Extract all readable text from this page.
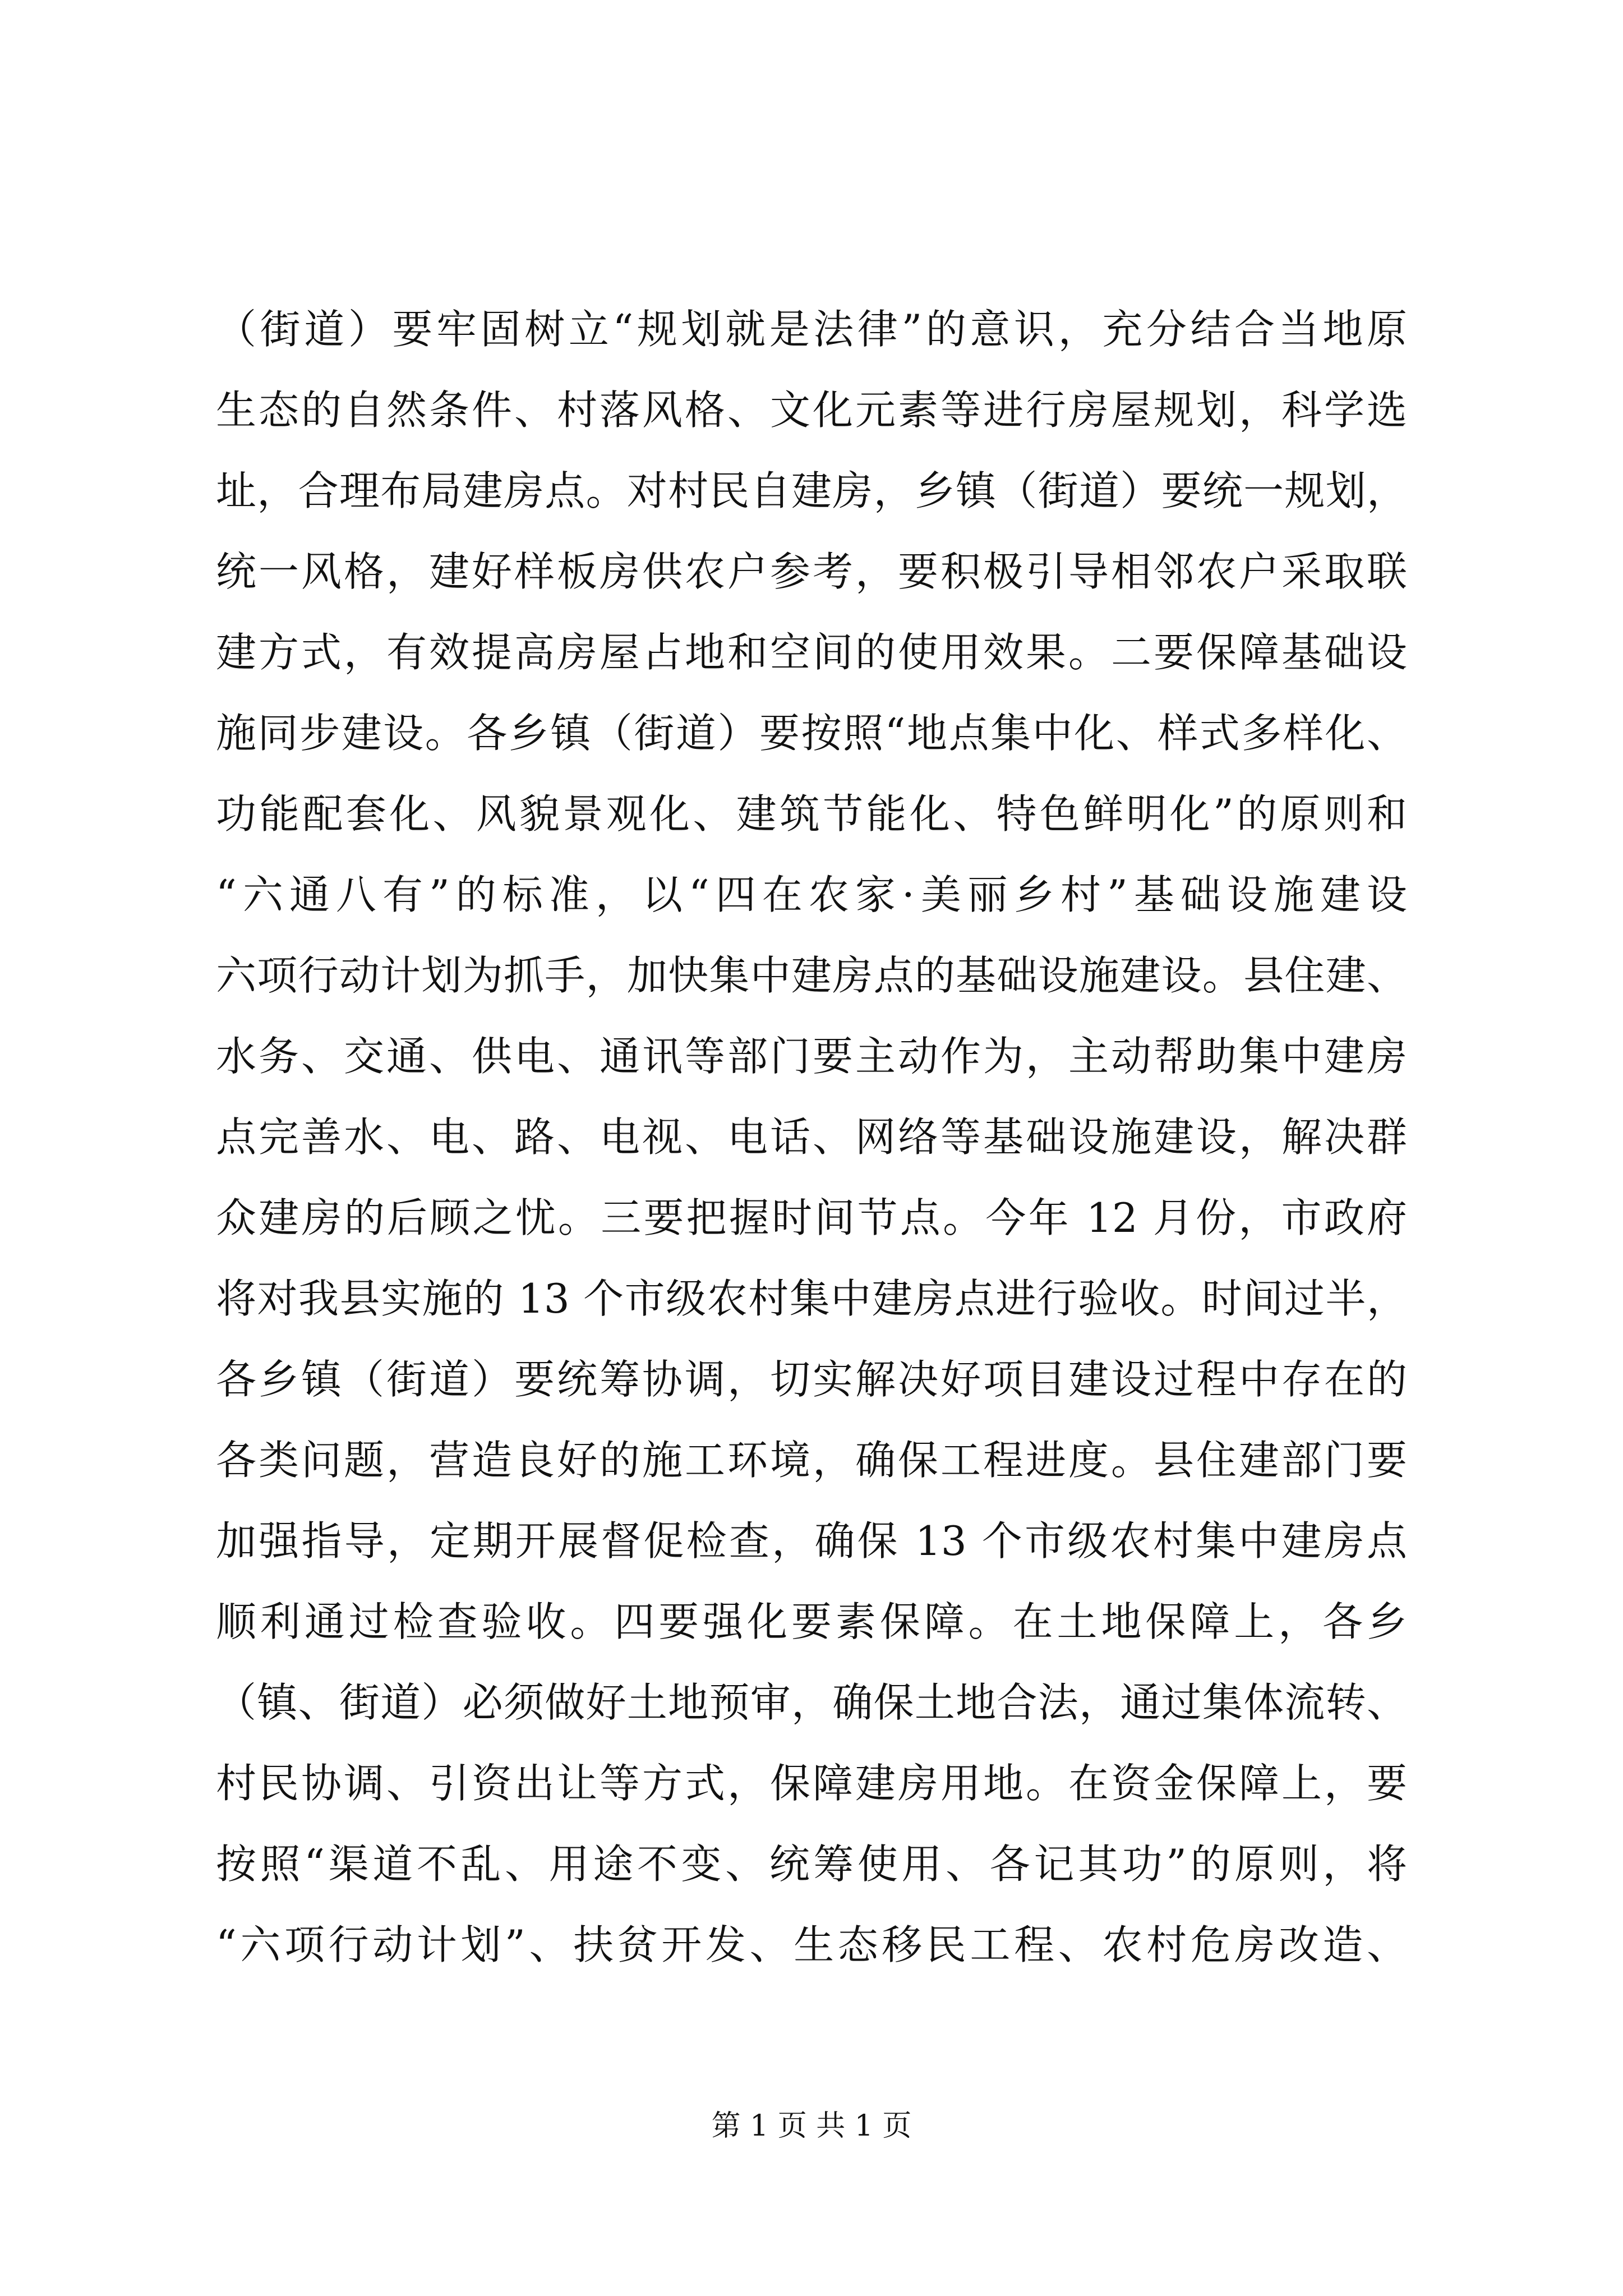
（街道）要牢固树立“规划就是法律”的意识，充分结合当地原
生态的自然条件、村落风格、文化元素等进行房屋规划，科学选
址，合理布局建房点。对村民自建房，乡镇（街道）要统一规划，
统一风格，建好样板房供农户参考，要积极引导相邻农户采取联
建方式，有效提高房屋占地和空间的使用效果。二要保障基础设
施同步建设。各乡镇（街道）要按照“地点集中化、样式多样化、
功能配套化、风貌景观化、建筑节能化、特色鲜明化”的原则和
“六通八有”的标准，以“四在农家·美丽乡村”基础设施建设
六项行动计划为抓手，加快集中建房点的基础设施建设。县住建、
水务、交通、供电、通讯等部门要主动作为，主动帮助集中建房
点完善水、电、路、电视、电话、网络等基础设施建设，解决群
众建房的后顾之忧。三要把握时间节点。今年 12 月份，市政府
将对我县实施的 13 个市级农村集中建房点进行验收。时间过半，
各乡镇（街道）要统筹协调，切实解决好项目建设过程中存在的
各类问题，营造良好的施工环境，确保工程进度。县住建部门要
加强指导，定期开展督促检查，确保 13 个市级农村集中建房点
顺利通过检查验收。四要强化要素保障。在土地保障上，各乡
（镇、街道）必须做好土地预审，确保土地合法，通过集体流转、
村民协调、引资出让等方式，保障建房用地。在资金保障上，要
按照“渠道不乱、用途不变、统筹使用、各记其功”的原则，将
“六项行动计划”、扶贫开发、生态移民工程、农村危房改造、
第 1 页 共 1 页
